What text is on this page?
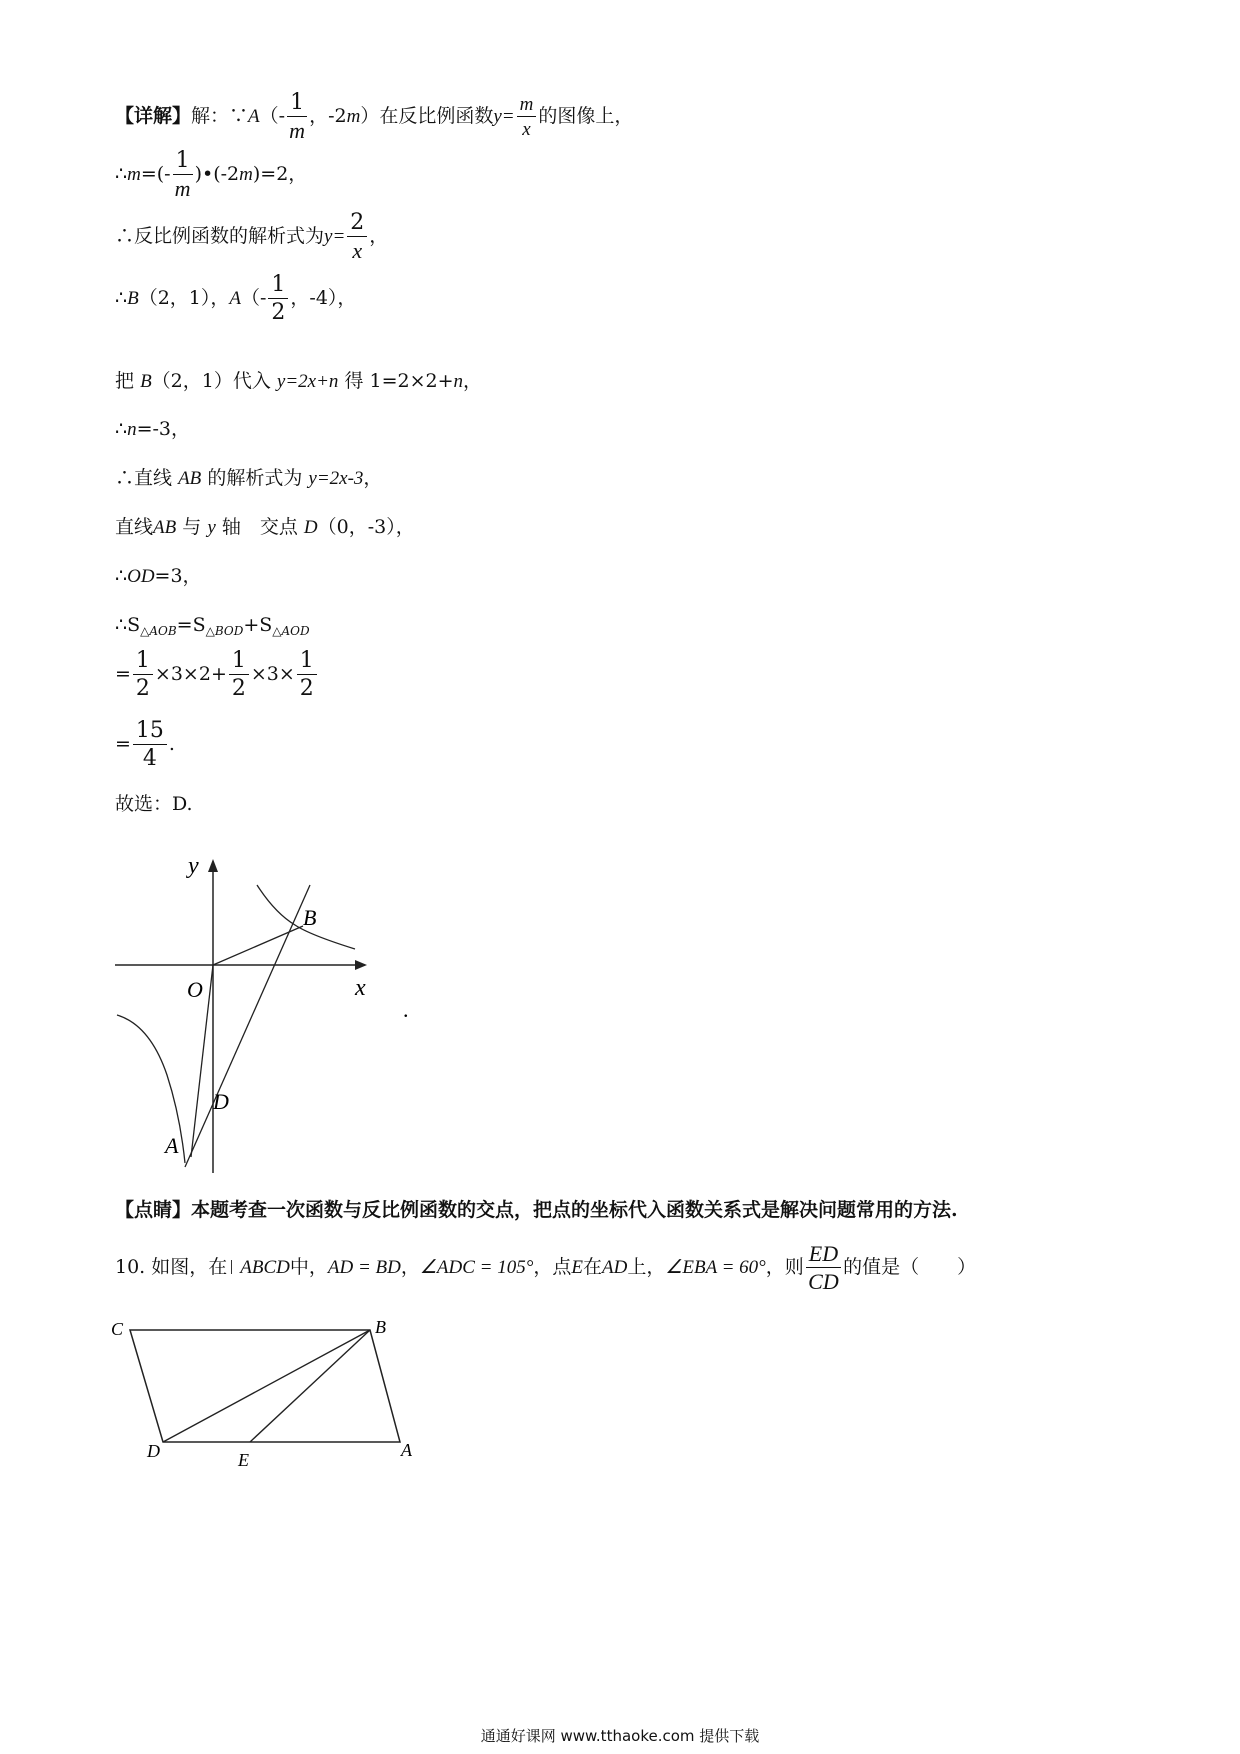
【详解】解：∵A（- $\frac{1}{m}$ ，-2m）在反比例函数$y= \frac{m}{x}$ 的图像上，
∴m=(- $\frac{1}{m}$ )•(-2m)=2，
∴反比例函数的解析式为$y= \frac{2}{x}$ ，
∴B（2，1），$A(- \frac{1}{2}$ ，-4），
把 B（2，1）代入 y=2x+n 得 1=2×2+n，
∴n=-3，
∴直线 AB 的解析式为 y=2x-3，
直线AB 与 y 轴　交点 D（0，-3），
∴OD=3，
$\therefore S_{\triangle AOB}=S_{\triangle BOD}+S_{\triangle AOD}$
= $\frac{1}{2} \times 3\times 2+ \frac{1}{2} \times 3\times \frac{1}{2}$
= $\frac{15}{4}$ .
故选：D.
y
x
O
B
D
A
.
【点睛】本题考查一次函数与反比例函数的交点，把点的坐标代入函数关系式是解决问题常用的方法.
10. 如图，在 ABCD中，AD = BD，∠ADC = 105°，点E在AD上，∠EBA = 60°，则 $\frac{ED}{CD}$ 的值是（　　）
C	B
D	E	A
通通好课网 www.tthaoke.com 提供下载
